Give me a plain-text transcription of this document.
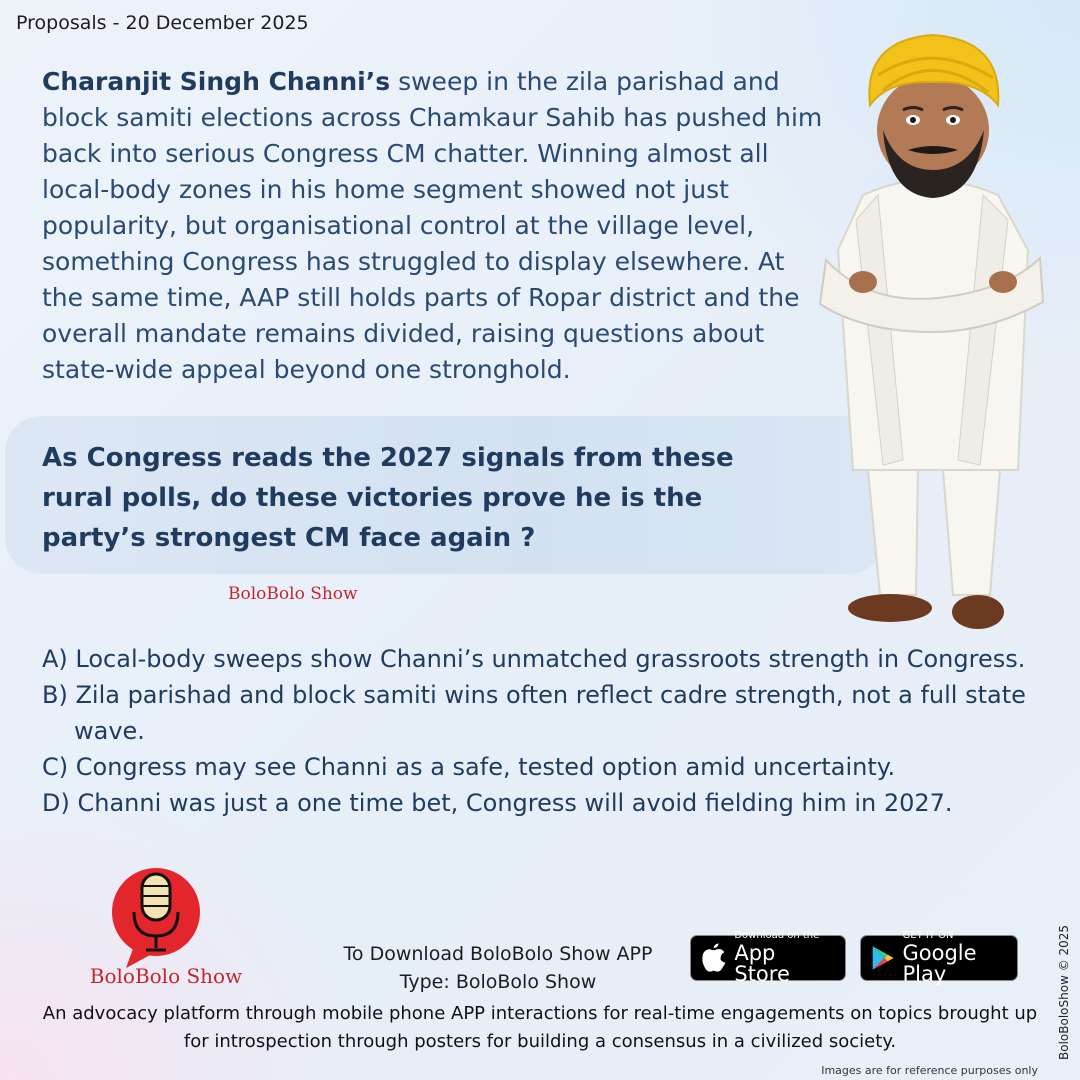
Proposals - 20 December 2025

Charanjit Singh Channi’s sweep in the zila parishad and block samiti elections across Chamkaur Sahib has pushed him back into serious Congress CM chatter. Winning almost all local-body zones in his home segment showed not just popularity, but organisational control at the village level, something Congress has struggled to display elsewhere. At the same time, AAP still holds parts of Ropar district and the overall mandate remains divided, raising questions about state-wide appeal beyond one stronghold.

As Congress reads the 2027 signals from these rural polls, do these victories prove he is the party’s strongest CM face again ?

BoloBolo Show
A) Local-body sweeps show Channi’s unmatched grassroots strength in Congress.
B) Zila parishad and block samiti wins often reflect cadre strength, not a full state wave.
C) Congress may see Channi as a safe, tested option amid uncertainty.
D) Channi was just a one time bet, Congress will avoid fielding him in 2027.
BoloBolo Show
To Download BoloBolo Show APP
Type: BoloBolo Show
Download on the
App Store
GET IT ON
Google Play

An advocacy platform through mobile phone APP interactions for real-time engagements on topics brought up for introspection through posters for building a consensus in a civilized society.	BoloBoloShow © 2025
Images are for reference purposes only
